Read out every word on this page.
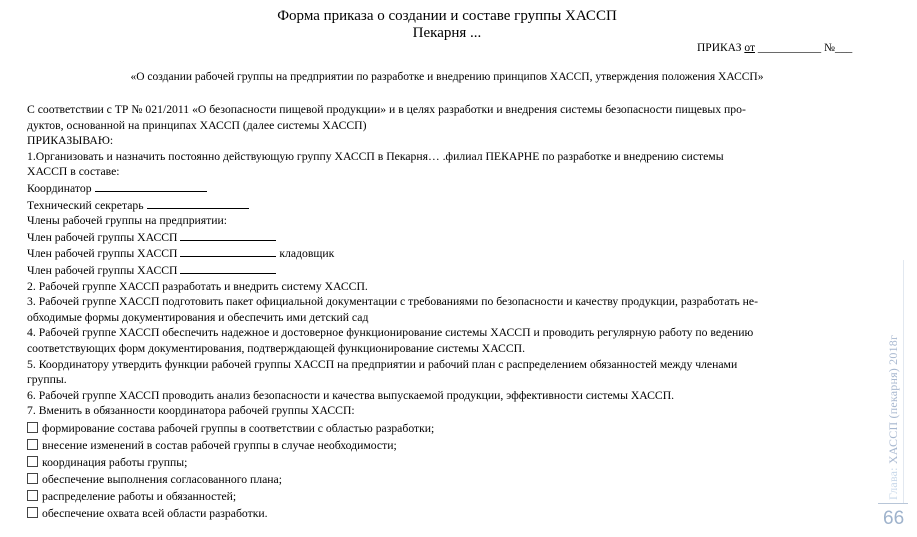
Форма приказа о создании и составе группы ХАССП
Пекарня ...
ПРИКАЗ от ___________ №___
«О создании рабочей группы на предприятии по разработке и внедрению принципов ХАССП, утверждения положения ХАССП»

С соответствии с ТР № 021/2011 «О безопасности пищевой продукции» и в целях разработки и внедрения системы безопасности пищевых про-

дуктов, основанной на принципах ХАССП (далее системы ХАССП)

ПРИКАЗЫВАЮ:

1.Организовать и назначить постоянно действующую группу ХАССП в Пекарня… .филиал ПЕКАРНЕ по разработке и внедрению системы

ХАССП в составе:

Координатор

Технический секретарь

Члены рабочей группы на предприятии:

Член рабочей группы ХАССП

Член рабочей группы ХАССП	кладовщик

Член рабочей группы ХАССП

2. Рабочей группе ХАССП разработать и внедрить систему ХАССП.

3. Рабочей группе ХАССП подготовить пакет официальной документации с требованиями по безопасности и качеству продукции, разработать не-

обходимые формы документирования и обеспечить ими детский сад

4. Рабочей группе ХАССП обеспечить надежное и достоверное функционирование системы ХАССП и проводить регулярную работу по ведению

соответствующих форм документирования, подтверждающей функционирование системы ХАССП.

5. Координатору утвердить функции рабочей группы ХАССП на предприятии и рабочий план с распределением обязанностей между членами

группы.

6. Рабочей группе ХАССП проводить анализ безопасности и качества выпускаемой продукции, эффективности системы ХАССП.

7. Вменить в обязанности координатора рабочей группы ХАССП:

формирование состава рабочей группы в соответствии с областью разработки;

внесение изменений в состав рабочей группы в случае необходимости;

координация работы группы;

обеспечение выполнения согласованного плана;

распределение работы и обязанностей;

обеспечение охвата всей области разработки.

Глава: ХАССП (пекарня) 2018г
66
